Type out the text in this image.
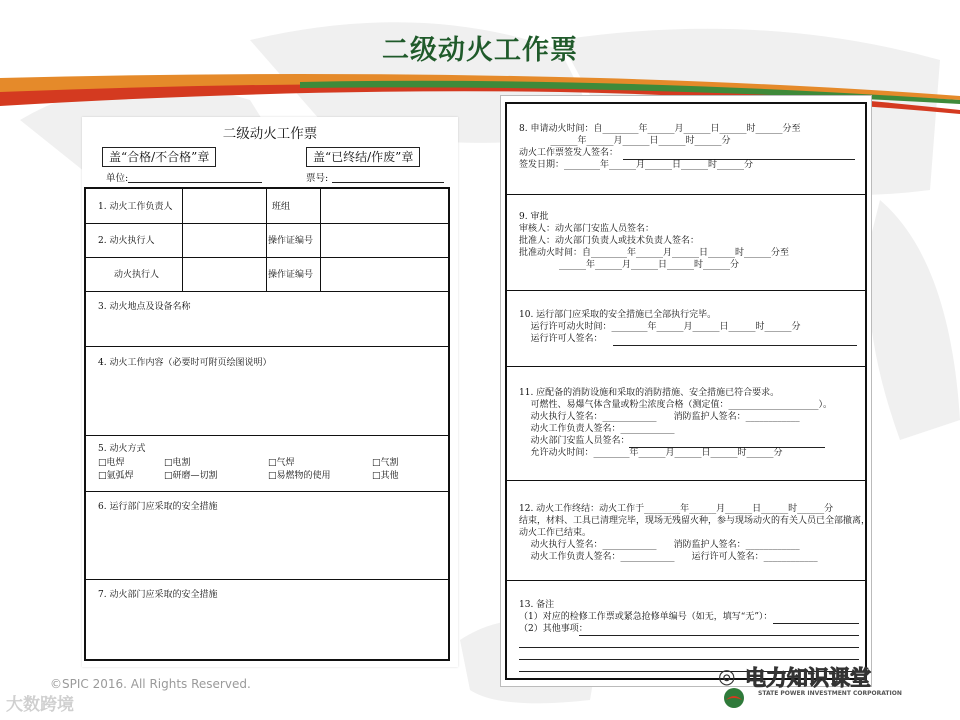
二级动火工作票
二级动火工作票
盖“合格/不合格”章	盖“已终结/作废”章
单位:	票号:
1. 动火工作负责人	班组
2. 动火执行人	操作证编号
动火执行人	操作证编号
3. 动火地点及设备名称
4. 动火工作内容（必要时可附页绘图说明）
5. 动火方式
□电焊	□电割	□气焊	□气割
□氩弧焊	□研磨—切割	□易燃物的使用	□其他
6. 运行部门应采取的安全措施
7. 动火部门应采取的安全措施
8. 申请动火时间：自________年______月______日______时______分至
______年______月______日______时______分
动火工作票签发人签名：
签发日期：________年______月______日______时______分
9. 审批
审核人：动火部门安监人员签名：
批准人：动火部门负责人或技术负责人签名：
批准动火时间：自________年______月______日______时______分至
______年______月______日______时______分
10. 运行部门应采取的安全措施已全部执行完毕。
运行许可动火时间：________年______月______日______时______分
运行许可人签名：
11. 应配备的消防设施和采取的消防措施、安全措施已符合要求。
可燃性、易爆气体含量或粉尘浓度合格（测定值：____________________）。
动火执行人签名：____________      消防监护人签名：____________
动火工作负责人签名：____________
动火部门安监人员签名：
允许动火时间：________年______月______日______时______分
12. 动火工作终结：动火工作于________年______月______日______时______分
结束，材料、工具已清理完毕，现场无残留火种，参与现场动火的有关人员已全部撤离，
动火工作已结束。
动火执行人签名：____________      消防监护人签名：____________
动火工作负责人签名：____________      运行许可人签名：____________
13. 备注
（1）对应的检修工作票或紧急抢修单编号（如无，填写“无”）：
（2）其他事项：
©SPIC 2016. All Rights Reserved.
大数跨境
STATE POWER INVESTMENT CORPORATION
◎ 电力知识课堂
